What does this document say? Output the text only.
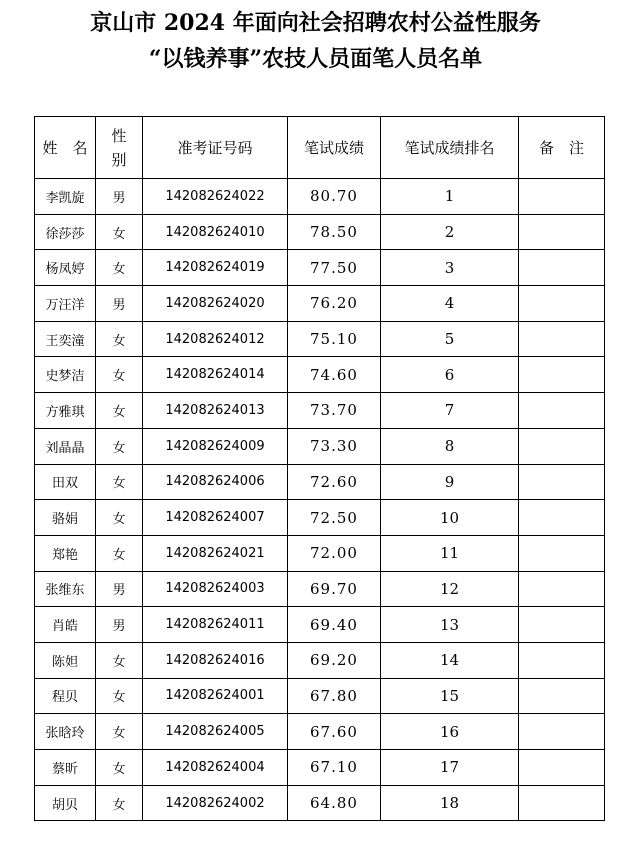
京山市 2024 年面向社会招聘农村公益性服务
“以钱养事”农技人员面笔人员名单
姓　名	性别	准考证号码	笔试成绩	笔试成绩排名	备　注
李凯旋	男	142082624022	80.70	1	
徐莎莎	女	142082624010	78.50	2	
杨凤婷	女	142082624019	77.50	3	
万汪洋	男	142082624020	76.20	4	
王奕潼	女	142082624012	75.10	5	
史梦洁	女	142082624014	74.60	6	
方雅琪	女	142082624013	73.70	7	
刘晶晶	女	142082624009	73.30	8	
田双	女	142082624006	72.60	9	
骆娟	女	142082624007	72.50	10	
郑艳	女	142082624021	72.00	11	
张维东	男	142082624003	69.70	12	
肖皓	男	142082624011	69.40	13	
陈妲	女	142082624016	69.20	14	
程贝	女	142082624001	67.80	15	
张晗玲	女	142082624005	67.60	16	
蔡昕	女	142082624004	67.10	17	
胡贝	女	142082624002	64.80	18	
